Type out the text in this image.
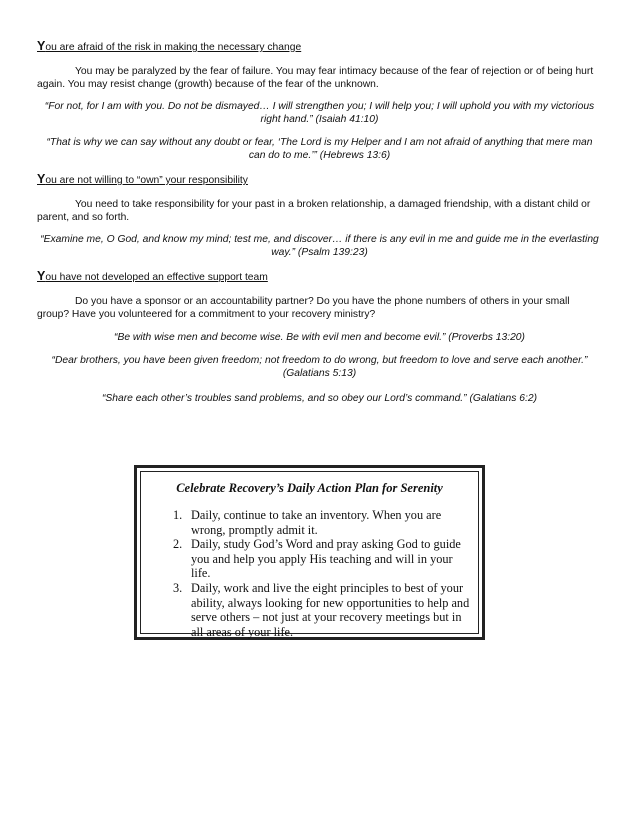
You are afraid of the risk in making the necessary change
You may be paralyzed by the fear of failure. You may fear intimacy because of the fear of rejection or of being hurt again. You may resist change (growth) because of the fear of the unknown.
“For not, for I am with you. Do not be dismayed… I will strengthen you; I will help you; I will uphold you with my victorious right hand.” (Isaiah 41:10)
“That is why we can say without any doubt or fear, ‘The Lord is my Helper and I am not afraid of anything that mere man can do to me.’” (Hebrews 13:6)
You are not willing to “own” your responsibility
You need to take responsibility for your past in a broken relationship, a damaged friendship, with a distant child or parent, and so forth.
“Examine me, O God, and know my mind; test me, and discover… if there is any evil in me and guide me in the everlasting way.” (Psalm 139:23)
You have not developed an effective support team
Do you have a sponsor or an accountability partner? Do you have the phone numbers of others in your small group? Have you volunteered for a commitment to your recovery ministry?
“Be with wise men and become wise. Be with evil men and become evil.” (Proverbs 13:20)
“Dear brothers, you have been given freedom; not freedom to do wrong, but freedom to love and serve each another.” (Galatians 5:13)
“Share each other’s troubles sand problems, and so obey our Lord’s command.” (Galatians 6:2)
Celebrate Recovery’s Daily Action Plan for Serenity
1. Daily, continue to take an inventory. When you are wrong, promptly admit it.
2. Daily, study God’s Word and pray asking God to guide you and help you apply His teaching and will in your life.
3. Daily, work and live the eight principles to best of your ability, always looking for new opportunities to help and serve others – not just at your recovery meetings but in all areas of your life.
